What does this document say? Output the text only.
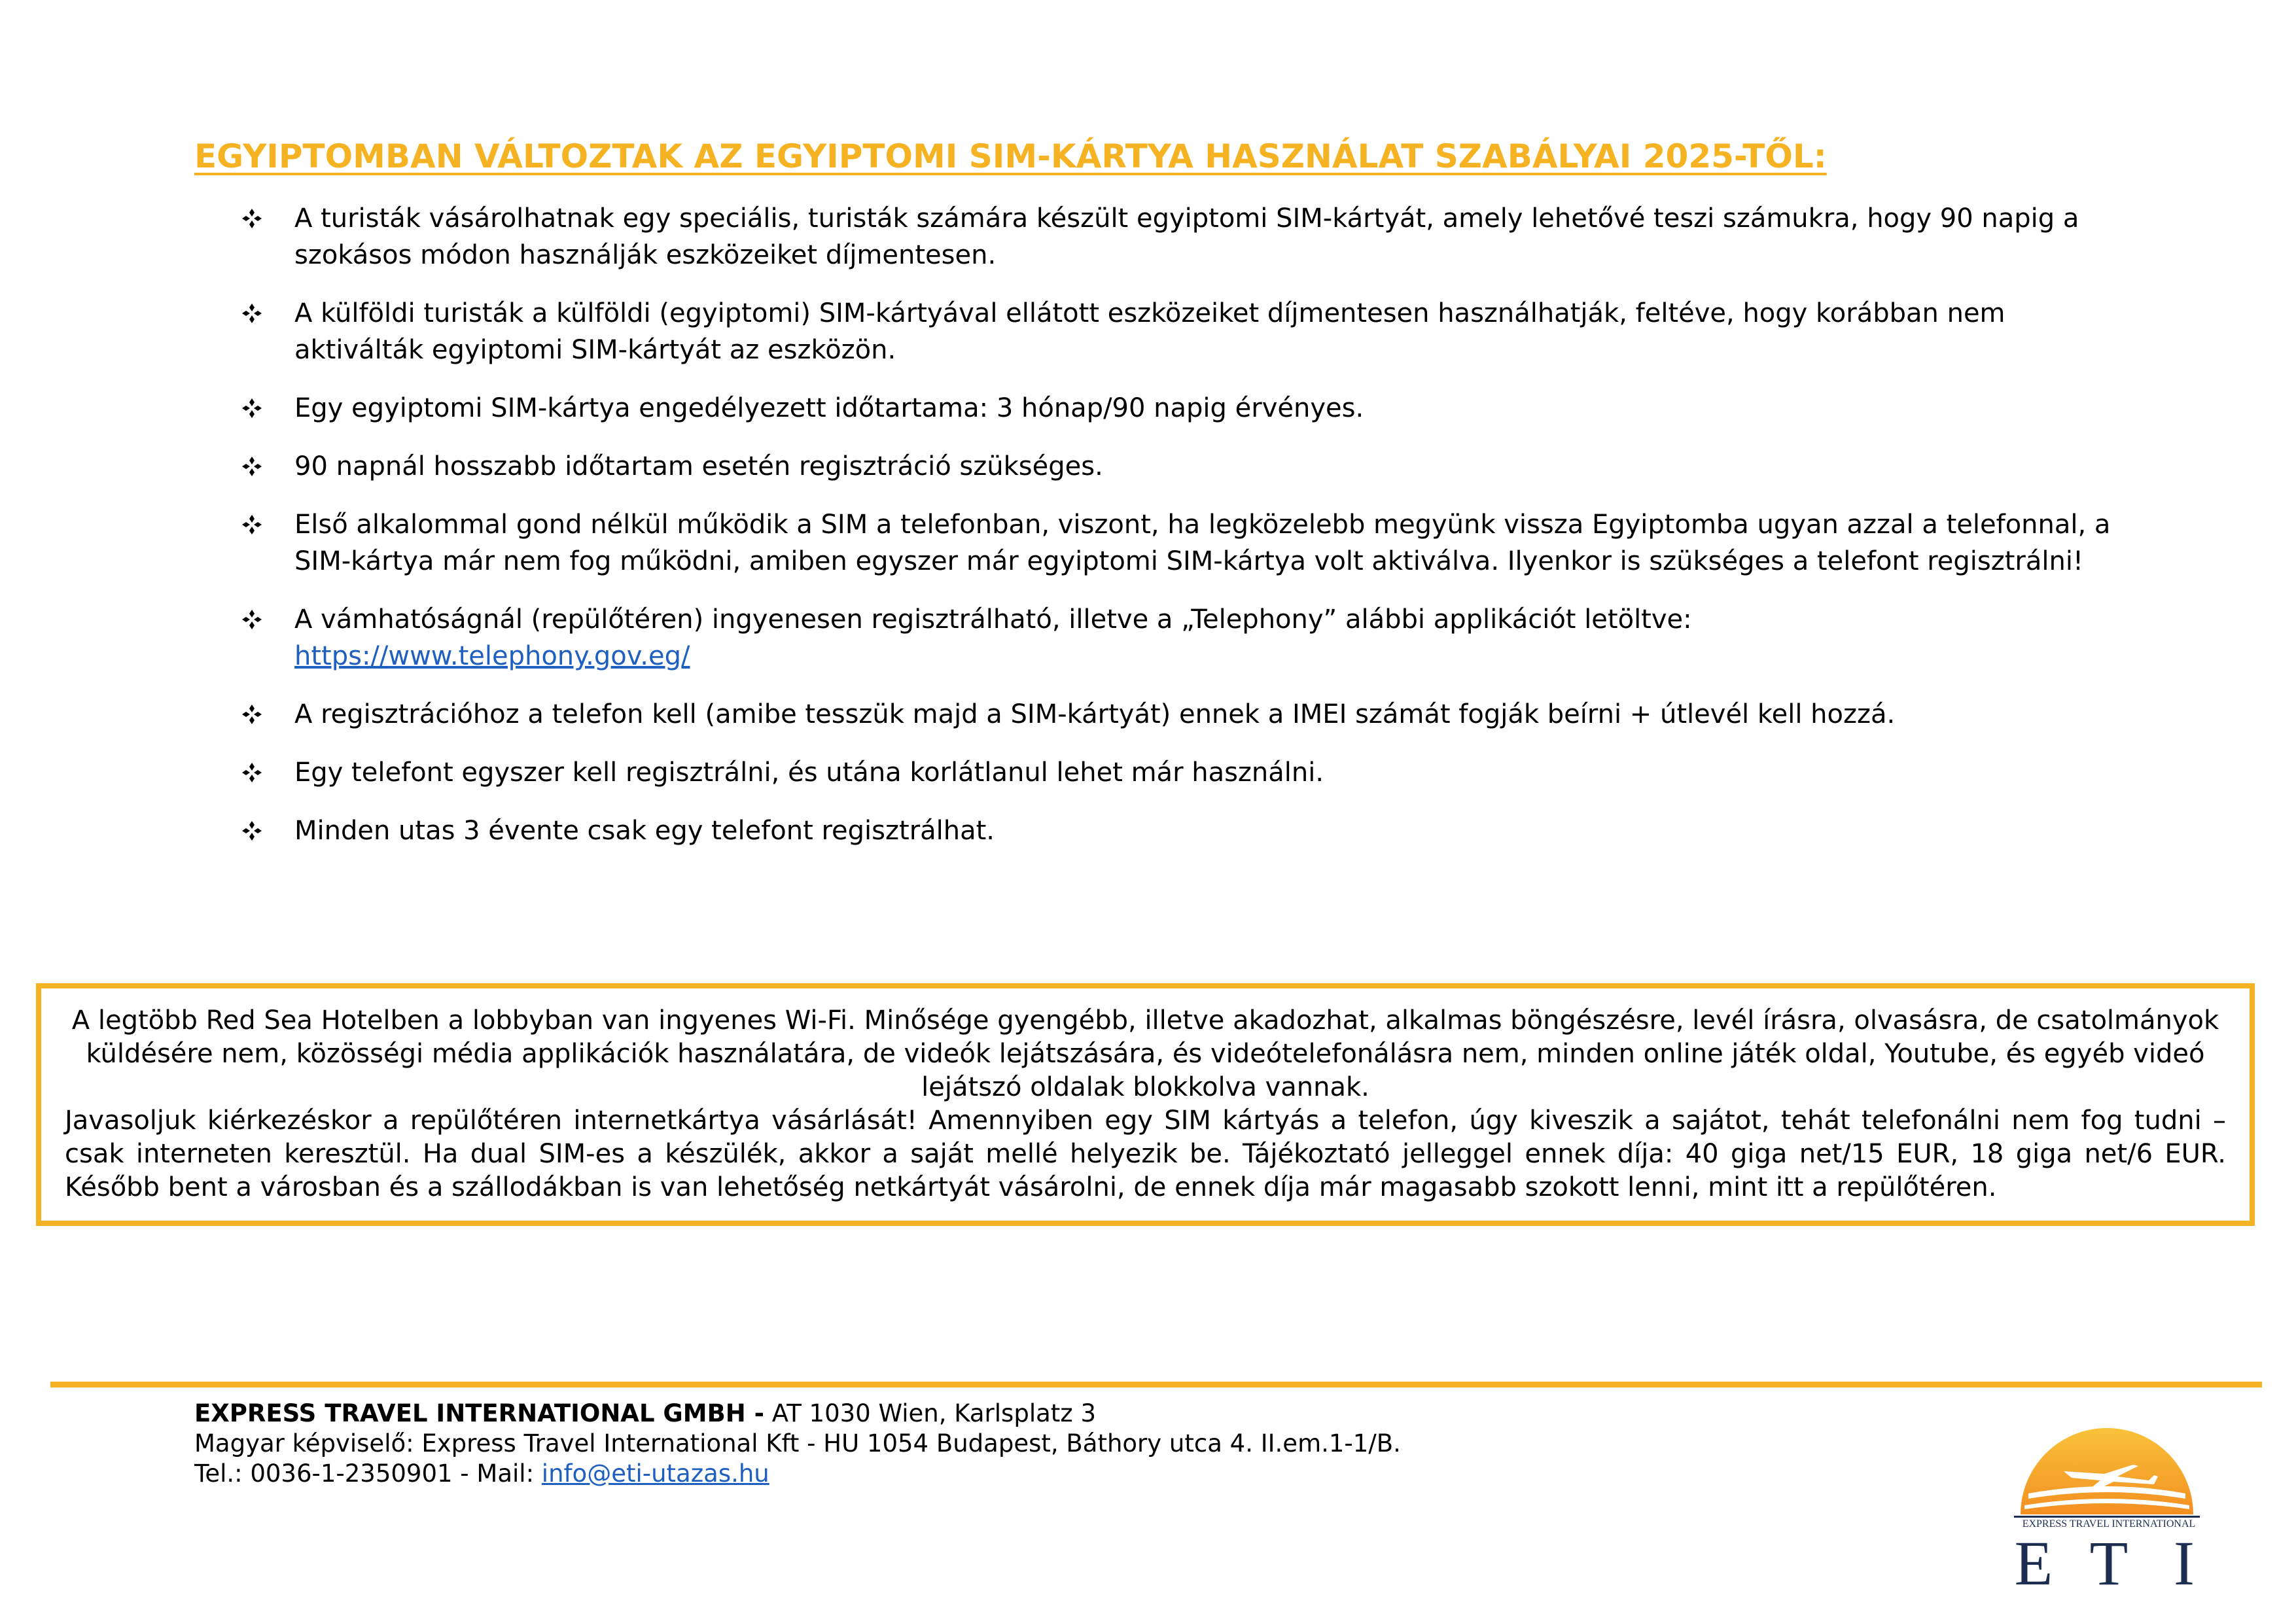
EGYIPTOMBAN VÁLTOZTAK AZ EGYIPTOMI SIM-KÁRTYA HASZNÁLAT SZABÁLYAI 2025-TŐL:
A turisták vásárolhatnak egy speciális, turisták számára készült egyiptomi SIM-kártyát, amely lehetővé teszi számukra, hogy 90 napig a szokásos módon használják eszközeiket díjmentesen.
A külföldi turisták a külföldi (egyiptomi) SIM-kártyával ellátott eszközeiket díjmentesen használhatják, feltéve, hogy korábban nem aktiválták egyiptomi SIM-kártyát az eszközön.
Egy egyiptomi SIM-kártya engedélyezett időtartama: 3 hónap/90 napig érvényes.
90 napnál hosszabb időtartam esetén regisztráció szükséges.
Első alkalommal gond nélkül működik a SIM a telefonban, viszont, ha legközelebb megyünk vissza Egyiptomba ugyan azzal a telefonnal, a SIM-kártya már nem fog működni, amiben egyszer már egyiptomi SIM-kártya volt aktiválva. Ilyenkor is szükséges a telefont regisztrálni!
A vámhatóságnál (repülőtéren) ingyenesen regisztrálható, illetve a „Telephony” alábbi applikációt letöltve:
https://www.telephony.gov.eg/
A regisztrációhoz a telefon kell (amibe tesszük majd a SIM-kártyát) ennek a IMEI számát fogják beírni + útlevél kell hozzá.
Egy telefont egyszer kell regisztrálni, és utána korlátlanul lehet már használni.
Minden utas 3 évente csak egy telefont regisztrálhat.

A legtöbb Red Sea Hotelben a lobbyban van ingyenes Wi-Fi. Minősége gyengébb, illetve akadozhat, alkalmas böngészésre, levél írásra, olvasásra, de csatolmányok küldésére nem, közösségi média applikációk használatára, de videók lejátszására, és videótelefonálásra nem, minden online játék oldal, Youtube, és egyéb videó lejátszó oldalak blokkolva vannak.

Javasoljuk kiérkezéskor a repülőtéren internetkártya vásárlását! Amennyiben egy SIM kártyás a telefon, úgy kiveszik a sajátot, tehát telefonálni nem fog tudni – csak interneten keresztül. Ha dual SIM-es a készülék, akkor a saját mellé helyezik be. Tájékoztató jelleggel ennek díja: 40 giga net/15 EUR, 18 giga net/6 EUR. Később bent a városban és a szállodákban is van lehetőség netkártyát vásárolni, de ennek díja már magasabb szokott lenni, mint itt a repülőtéren.

EXPRESS TRAVEL INTERNATIONAL GMBH - AT 1030 Wien, Karlsplatz 3
Magyar képviselő: Express Travel International Kft - HU 1054 Budapest, Báthory utca 4. II.em.1-1/B.
Tel.: 0036-1-2350901 - Mail: info@eti-utazas.hu
EXPRESS TRAVEL INTERNATIONAL
E T I
